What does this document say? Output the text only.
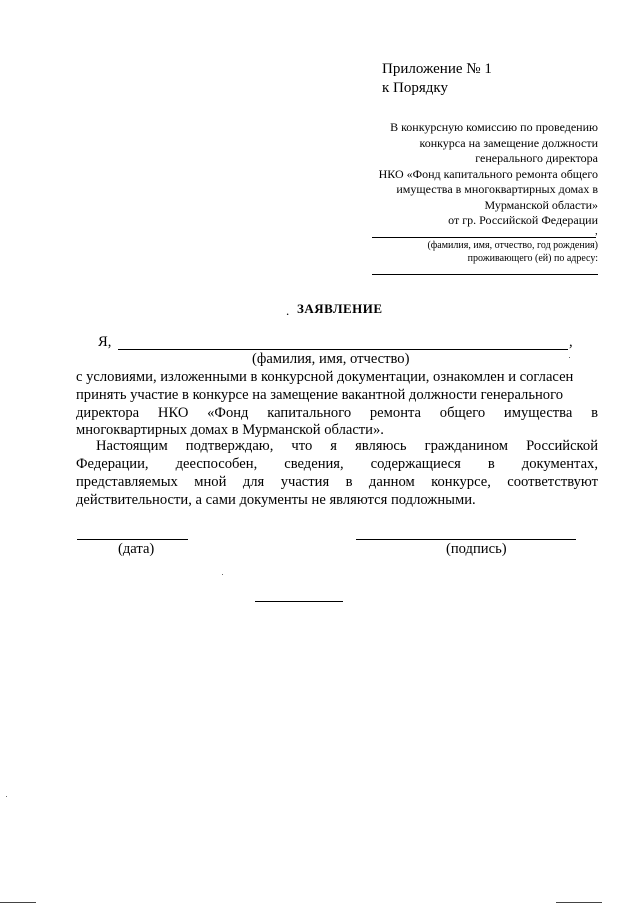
Приложение № 1
к Порядку
В конкурсную комиссию по проведению
конкурса на замещение должности
генерального директора
НКО «Фонд капитального ремонта общего
имущества в многоквартирных домах в
Мурманской области»
от гр. Российской Федерации
,
(фамилия, имя, отчество, год рождения)
проживающего (ей) по адресу:
. ЗАЯВЛЕНИЕ
Я,	,
(фамилия, имя, отчество)
с условиями, изложенными в конкурсной документации, ознакомлен и согласен
принять участие в конкурсе на замещение вакантной должности генерального
директора НКО «Фонд капитального ремонта общего имущества в
многоквартирных домах в Мурманской области».
Настоящим подтверждаю, что я являюсь гражданином Российской
Федерации, дееспособен, сведения, содержащиеся в документах,
представляемых мной для участия в данном конкурсе, соответствуют
действительности, а сами документы не являются подложными.
(дата)	(подпись)
